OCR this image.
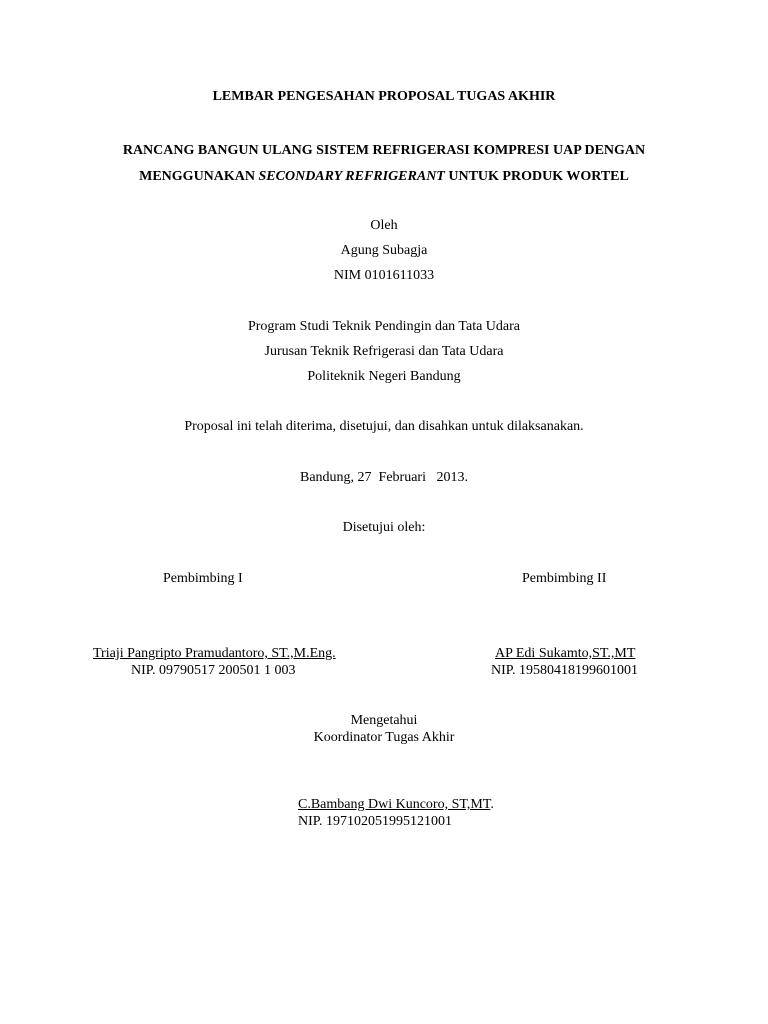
LEMBAR PENGESAHAN PROPOSAL TUGAS AKHIR
RANCANG BANGUN ULANG SISTEM REFRIGERASI KOMPRESI UAP DENGAN
MENGGUNAKAN SECONDARY REFRIGERANT UNTUK PRODUK WORTEL
Oleh
Agung Subagja
NIM 0101611033
Program Studi Teknik Pendingin dan Tata Udara
Jurusan Teknik Refrigerasi dan Tata Udara
Politeknik Negeri Bandung
Proposal ini telah diterima, disetujui, dan disahkan untuk dilaksanakan.
Bandung, 27  Februari   2013.
Disetujui oleh:
Pembimbing I
Triaji Pangripto Pramudantoro, ST.,M.Eng.
NIP. 09790517 200501 1 003
Pembimbing II
AP Edi Sukamto,ST.,MT
NIP. 19580418199601001
Mengetahui
Koordinator Tugas Akhir
C.Bambang Dwi Kuncoro, ST,MT.
NIP. 197102051995121001
